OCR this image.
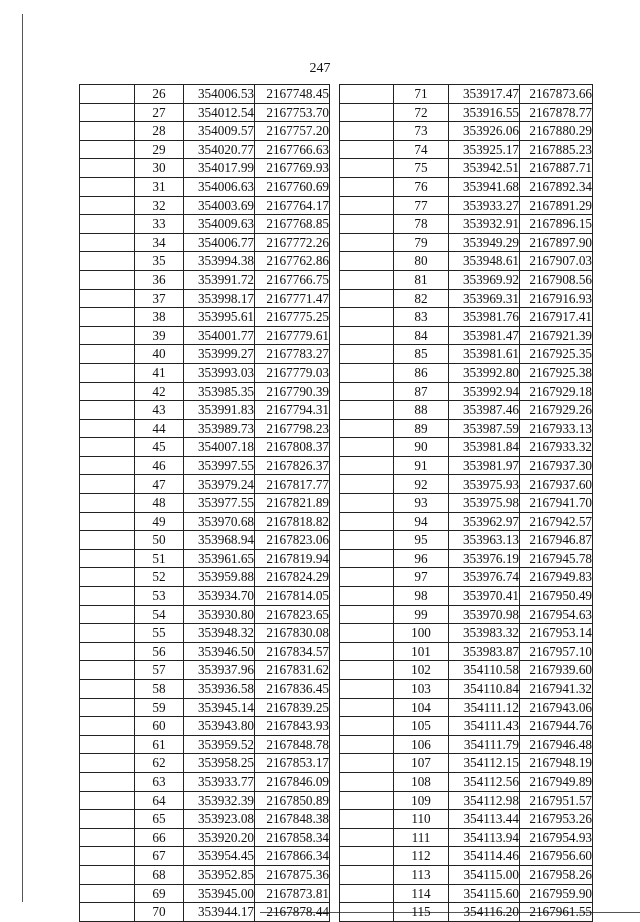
247
	26	354006.53	2167748.45
	27	354012.54	2167753.70
	28	354009.57	2167757.20
	29	354020.77	2167766.63
	30	354017.99	2167769.93
	31	354006.63	2167760.69
	32	354003.69	2167764.17
	33	354009.63	2167768.85
	34	354006.77	2167772.26
	35	353994.38	2167762.86
	36	353991.72	2167766.75
	37	353998.17	2167771.47
	38	353995.61	2167775.25
	39	354001.77	2167779.61
	40	353999.27	2167783.27
	41	353993.03	2167779.03
	42	353985.35	2167790.39
	43	353991.83	2167794.31
	44	353989.73	2167798.23
	45	354007.18	2167808.37
	46	353997.55	2167826.37
	47	353979.24	2167817.77
	48	353977.55	2167821.89
	49	353970.68	2167818.82
	50	353968.94	2167823.06
	51	353961.65	2167819.94
	52	353959.88	2167824.29
	53	353934.70	2167814.05
	54	353930.80	2167823.65
	55	353948.32	2167830.08
	56	353946.50	2167834.57
	57	353937.96	2167831.62
	58	353936.58	2167836.45
	59	353945.14	2167839.25
	60	353943.80	2167843.93
	61	353959.52	2167848.78
	62	353958.25	2167853.17
	63	353933.77	2167846.09
	64	353932.39	2167850.89
	65	353923.08	2167848.38
	66	353920.20	2167858.34
	67	353954.45	2167866.34
	68	353952.85	2167875.36
	69	353945.00	2167873.81
	70	353944.17	2167878.44
	71	353917.47	2167873.66
	72	353916.55	2167878.77
	73	353926.06	2167880.29
	74	353925.17	2167885.23
	75	353942.51	2167887.71
	76	353941.68	2167892.34
	77	353933.27	2167891.29
	78	353932.91	2167896.15
	79	353949.29	2167897.90
	80	353948.61	2167907.03
	81	353969.92	2167908.56
	82	353969.31	2167916.93
	83	353981.76	2167917.41
	84	353981.47	2167921.39
	85	353981.61	2167925.35
	86	353992.80	2167925.38
	87	353992.94	2167929.18
	88	353987.46	2167929.26
	89	353987.59	2167933.13
	90	353981.84	2167933.32
	91	353981.97	2167937.30
	92	353975.93	2167937.60
	93	353975.98	2167941.70
	94	353962.97	2167942.57
	95	353963.13	2167946.87
	96	353976.19	2167945.78
	97	353976.74	2167949.83
	98	353970.41	2167950.49
	99	353970.98	2167954.63
	100	353983.32	2167953.14
	101	353983.87	2167957.10
	102	354110.58	2167939.60
	103	354110.84	2167941.32
	104	354111.12	2167943.06
	105	354111.43	2167944.76
	106	354111.79	2167946.48
	107	354112.15	2167948.19
	108	354112.56	2167949.89
	109	354112.98	2167951.57
	110	354113.44	2167953.26
	111	354113.94	2167954.93
	112	354114.46	2167956.60
	113	354115.00	2167958.26
	114	354115.60	2167959.90
	115	354116.20	2167961.55
